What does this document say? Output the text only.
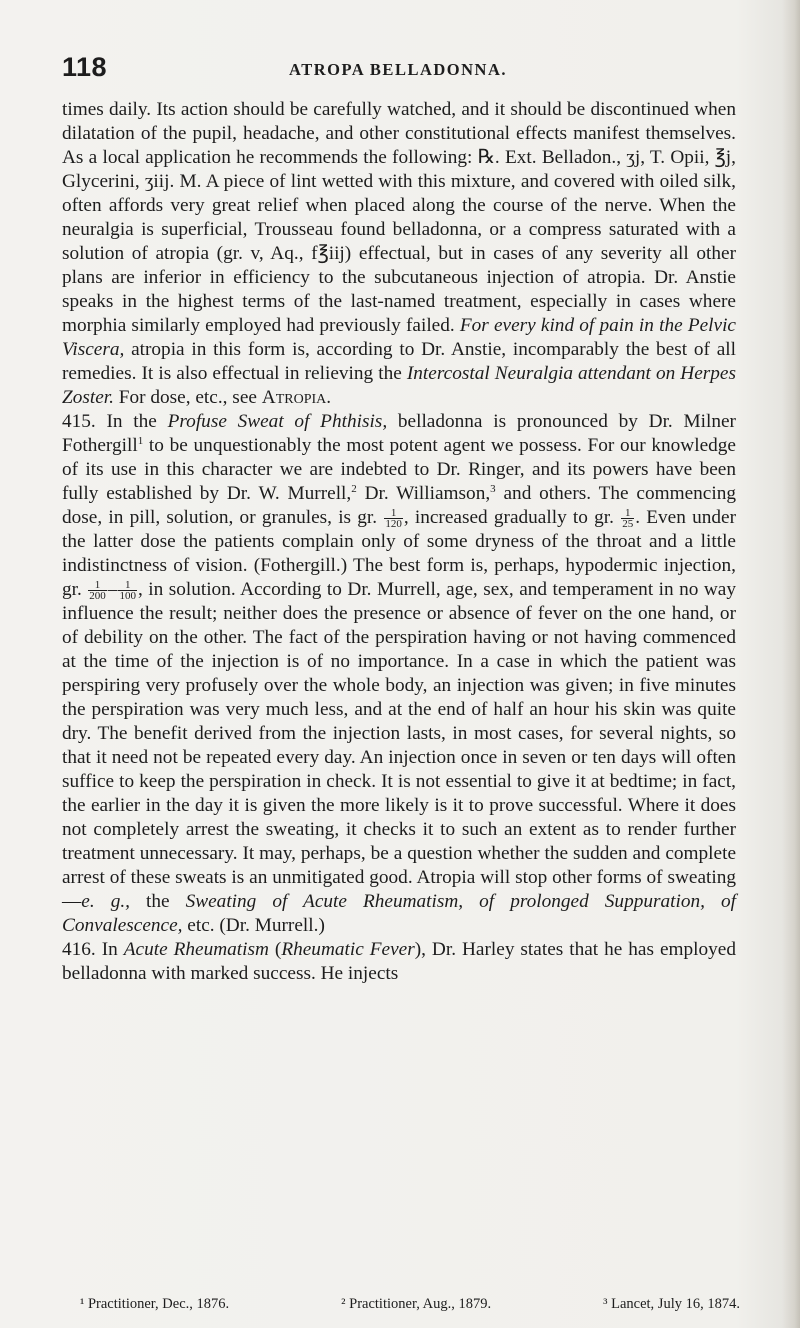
118	ATROPA BELLADONNA.

times daily. Its action should be carefully watched, and it should be discontinued when dilatation of the pupil, headache, and other constitutional effects manifest themselves. As a local application he recommends the following: ℞. Ext. Belladon., ʒj, T. Opii, ℥j, Glycerini, ʒiij. M. A piece of lint wetted with this mixture, and covered with oiled silk, often affords very great relief when placed along the course of the nerve. When the neuralgia is superficial, Trousseau found belladonna, or a compress saturated with a solution of atropia (gr. v, Aq., f℥iij) effectual, but in cases of any severity all other plans are inferior in efficiency to the subcutaneous injection of atropia. Dr. Anstie speaks in the highest terms of the last-named treatment, especially in cases where morphia similarly employed had previously failed. For every kind of pain in the Pelvic Viscera, atropia in this form is, according to Dr. Anstie, incomparably the best of all remedies. It is also effectual in relieving the Intercostal Neuralgia attendant on Herpes Zoster. For dose, etc., see Atropia.

415. In the Profuse Sweat of Phthisis, belladonna is pronounced by Dr. Milner Fothergill$^1$ to be unquestionably the most potent agent we possess. For our knowledge of its use in this character we are indebted to Dr. Ringer, and its powers have been fully established by Dr. W. Murrell,$^2$ Dr. Williamson,$^3$ and others. The commencing dose, in pill, solution, or granules, is gr. $\frac{1}{120}$ , increased gradually to gr. $\frac{1}{25}$ . Even under the latter dose the patients complain only of some dryness of the throat and a little indistinctness of vision. (Fothergill.) The best form is, perhaps, hypodermic injection, gr. $\frac{1}{200} - \frac{1}{100}$ , in solution. According to Dr. Murrell, age, sex, and temperament in no way influence the result; neither does the presence or absence of fever on the one hand, or of debility on the other. The fact of the perspiration having or not having commenced at the time of the injection is of no importance. In a case in which the patient was perspiring very profusely over the whole body, an injection was given; in five minutes the perspiration was very much less, and at the end of half an hour his skin was quite dry. The benefit derived from the injection lasts, in most cases, for several nights, so that it need not be repeated every day. An injection once in seven or ten days will often suffice to keep the perspiration in check. It is not essential to give it at bedtime; in fact, the earlier in the day it is given the more likely is it to prove successful. Where it does not completely arrest the sweating, it checks it to such an extent as to render further treatment unnecessary. It may, perhaps, be a question whether the sudden and complete arrest of these sweats is an unmitigated good. Atropia will stop other forms of sweating—e. g., the Sweating of Acute Rheumatism, of prolonged Suppuration, of Convalescence, etc. (Dr. Murrell.)

416. In Acute Rheumatism (Rheumatic Fever), Dr. Harley states that he has employed belladonna with marked success. He injects

¹ Practitioner, Dec., 1876.	² Practitioner, Aug., 1879.	³ Lancet, July 16, 1874.
